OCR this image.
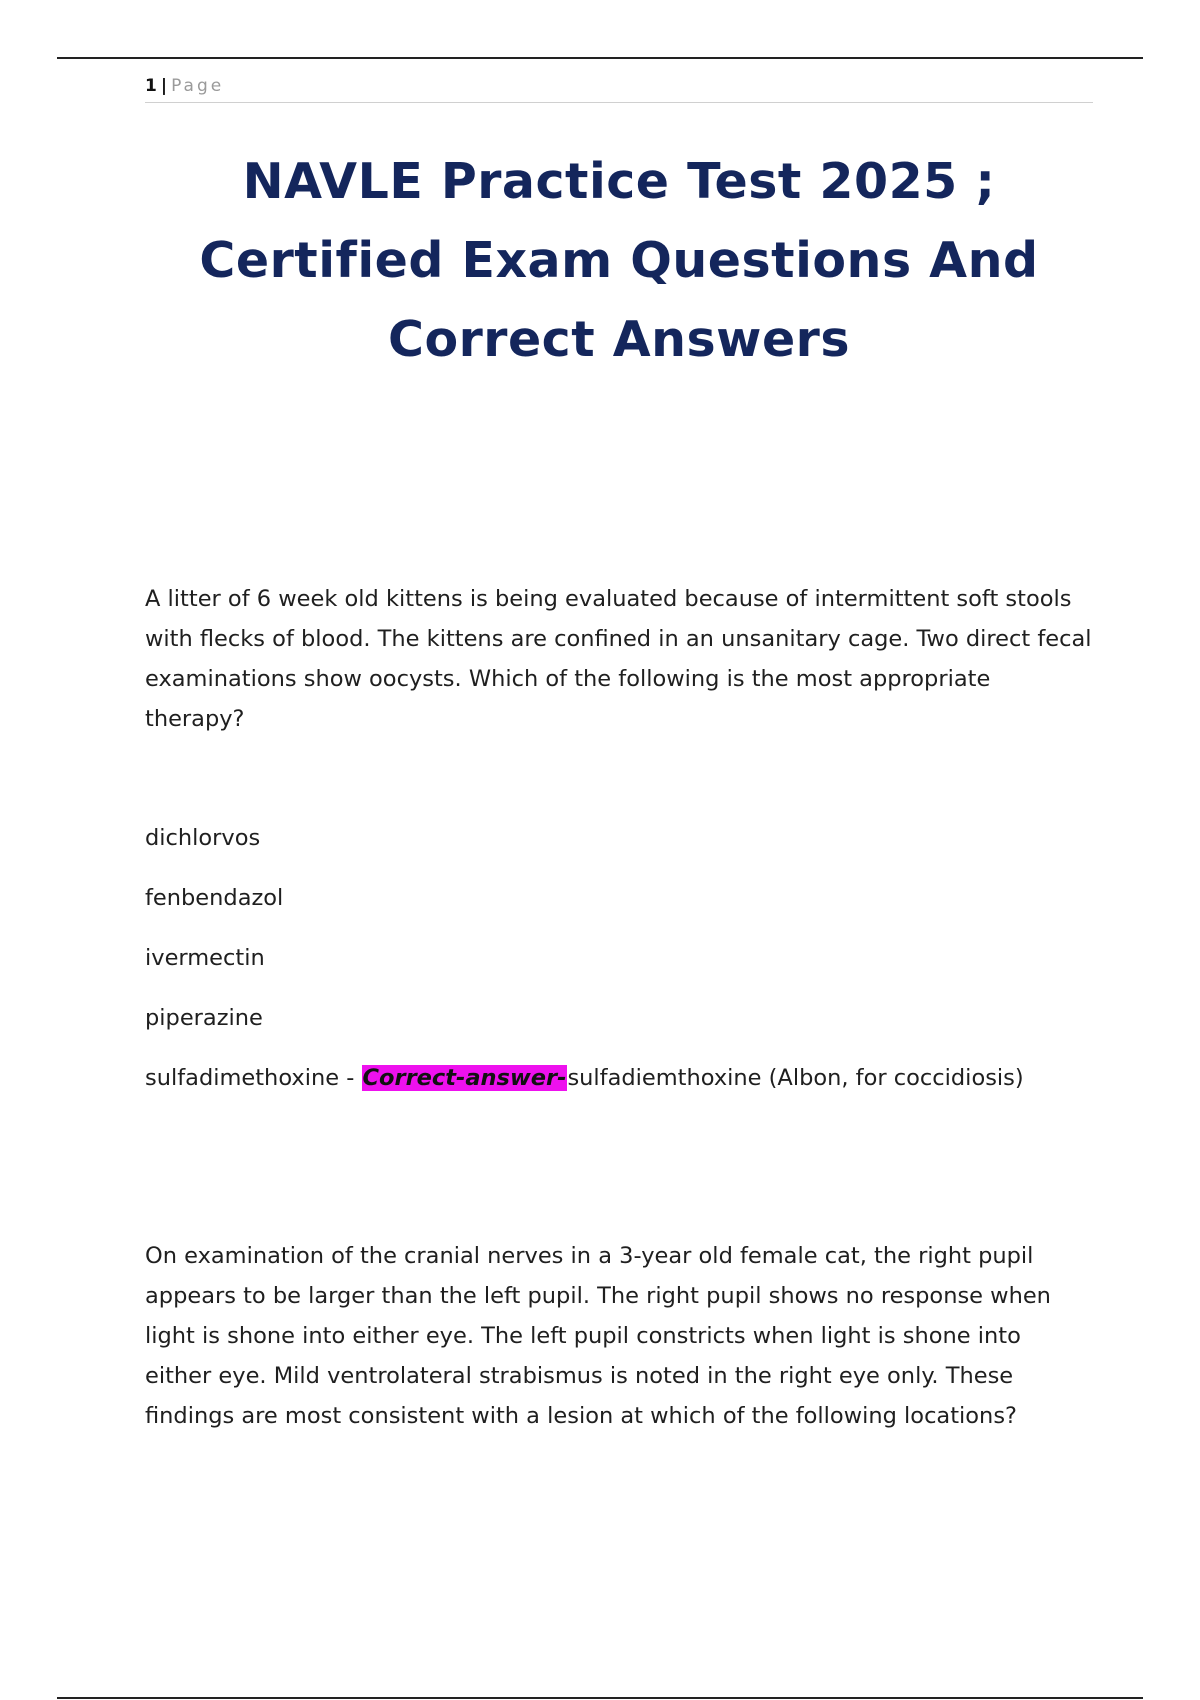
1 | Page
NAVLE Practice Test 2025 ;
Certified Exam Questions And
Correct Answers

A litter of 6 week old kittens is being evaluated because of intermittent soft stools with flecks of blood. The kittens are confined in an unsanitary cage. Two direct fecal examinations show oocysts. Which of the following is the most appropriate therapy?

dichlorvos

fenbendazol

ivermectin

piperazine

sulfadimethoxine - Correct-answer-sulfadiemthoxine (Albon, for coccidiosis)

On examination of the cranial nerves in a 3-year old female cat, the right pupil appears to be larger than the left pupil. The right pupil shows no response when light is shone into either eye. The left pupil constricts when light is shone into either eye. Mild ventrolateral strabismus is noted in the right eye only. These findings are most consistent with a lesion at which of the following locations?
